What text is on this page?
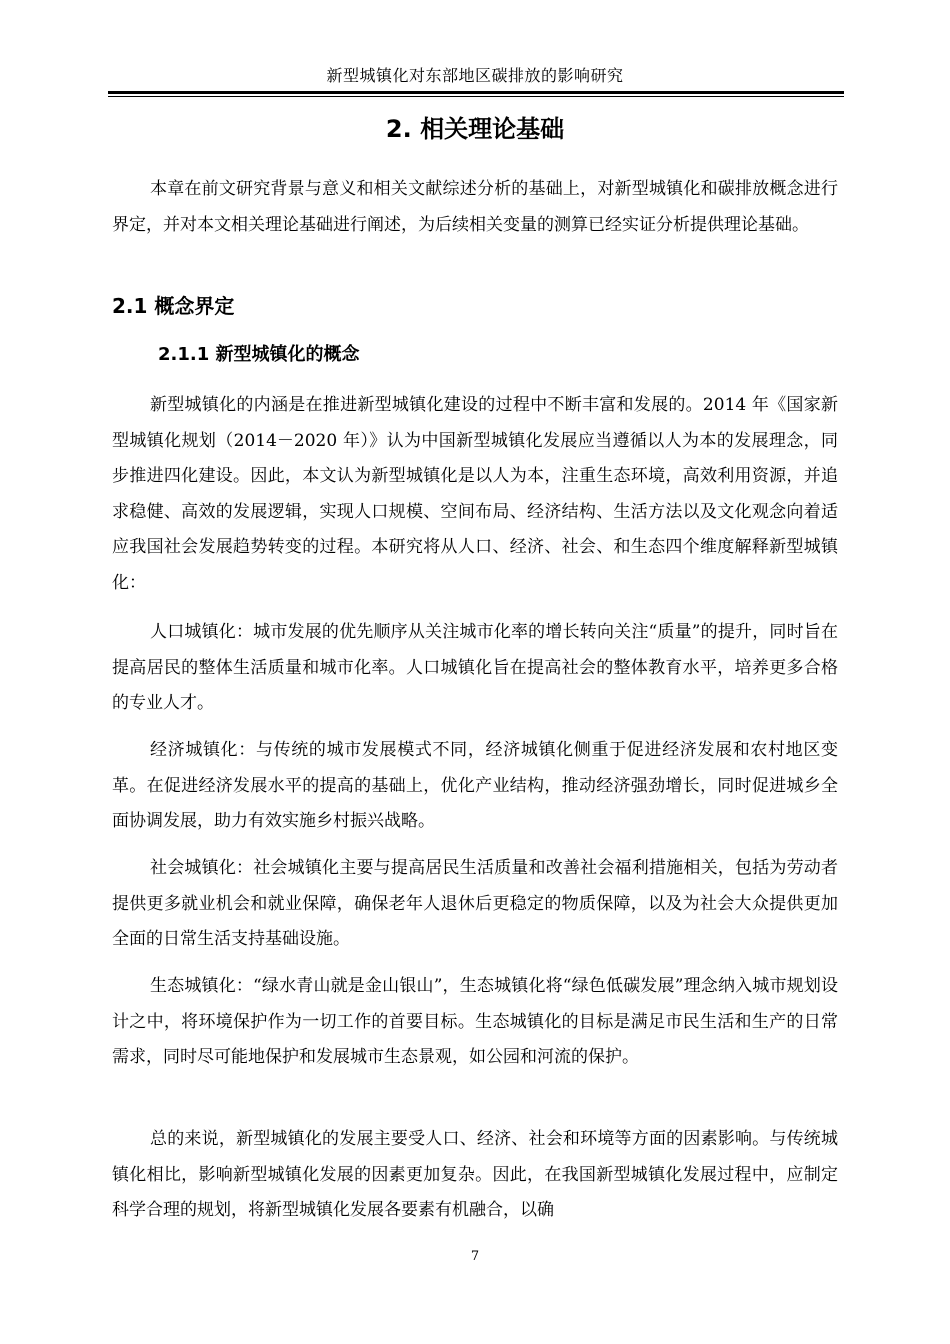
新型城镇化对东部地区碳排放的影响研究
2. 相关理论基础

本章在前文研究背景与意义和相关文献综述分析的基础上，对新型城镇化和碳排放概念进行界定，并对本文相关理论基础进行阐述，为后续相关变量的测算已经实证分析提供理论基础。

2.1 概念界定
2.1.1 新型城镇化的概念

新型城镇化的内涵是在推进新型城镇化建设的过程中不断丰富和发展的。2014 年《国家新型城镇化规划（2014－2020 年）》认为中国新型城镇化发展应当遵循以人为本的发展理念，同步推进四化建设。因此，本文认为新型城镇化是以人为本，注重生态环境，高效利用资源，并追求稳健、高效的发展逻辑，实现人口规模、空间布局、经济结构、生活方法以及文化观念向着适应我国社会发展趋势转变的过程。本研究将从人口、经济、社会、和生态四个维度解释新型城镇化：

人口城镇化：城市发展的优先顺序从关注城市化率的增长转向关注“质量”的提升，同时旨在提高居民的整体生活质量和城市化率。人口城镇化旨在提高社会的整体教育水平，培养更多合格的专业人才。

经济城镇化：与传统的城市发展模式不同，经济城镇化侧重于促进经济发展和农村地区变革。在促进经济发展水平的提高的基础上，优化产业结构，推动经济强劲增长，同时促进城乡全面协调发展，助力有效实施乡村振兴战略。

社会城镇化：社会城镇化主要与提高居民生活质量和改善社会福利措施相关，包括为劳动者提供更多就业机会和就业保障，确保老年人退休后更稳定的物质保障，以及为社会大众提供更加全面的日常生活支持基础设施。

生态城镇化：“绿水青山就是金山银山”，生态城镇化将“绿色低碳发展”理念纳入城市规划设计之中，将环境保护作为一切工作的首要目标。生态城镇化的目标是满足市民生活和生产的日常需求，同时尽可能地保护和发展城市生态景观，如公园和河流的保护。

总的来说，新型城镇化的发展主要受人口、经济、社会和环境等方面的因素影响。与传统城镇化相比，影响新型城镇化发展的因素更加复杂。因此，在我国新型城镇化发展过程中，应制定科学合理的规划，将新型城镇化发展各要素有机融合，以确

7
